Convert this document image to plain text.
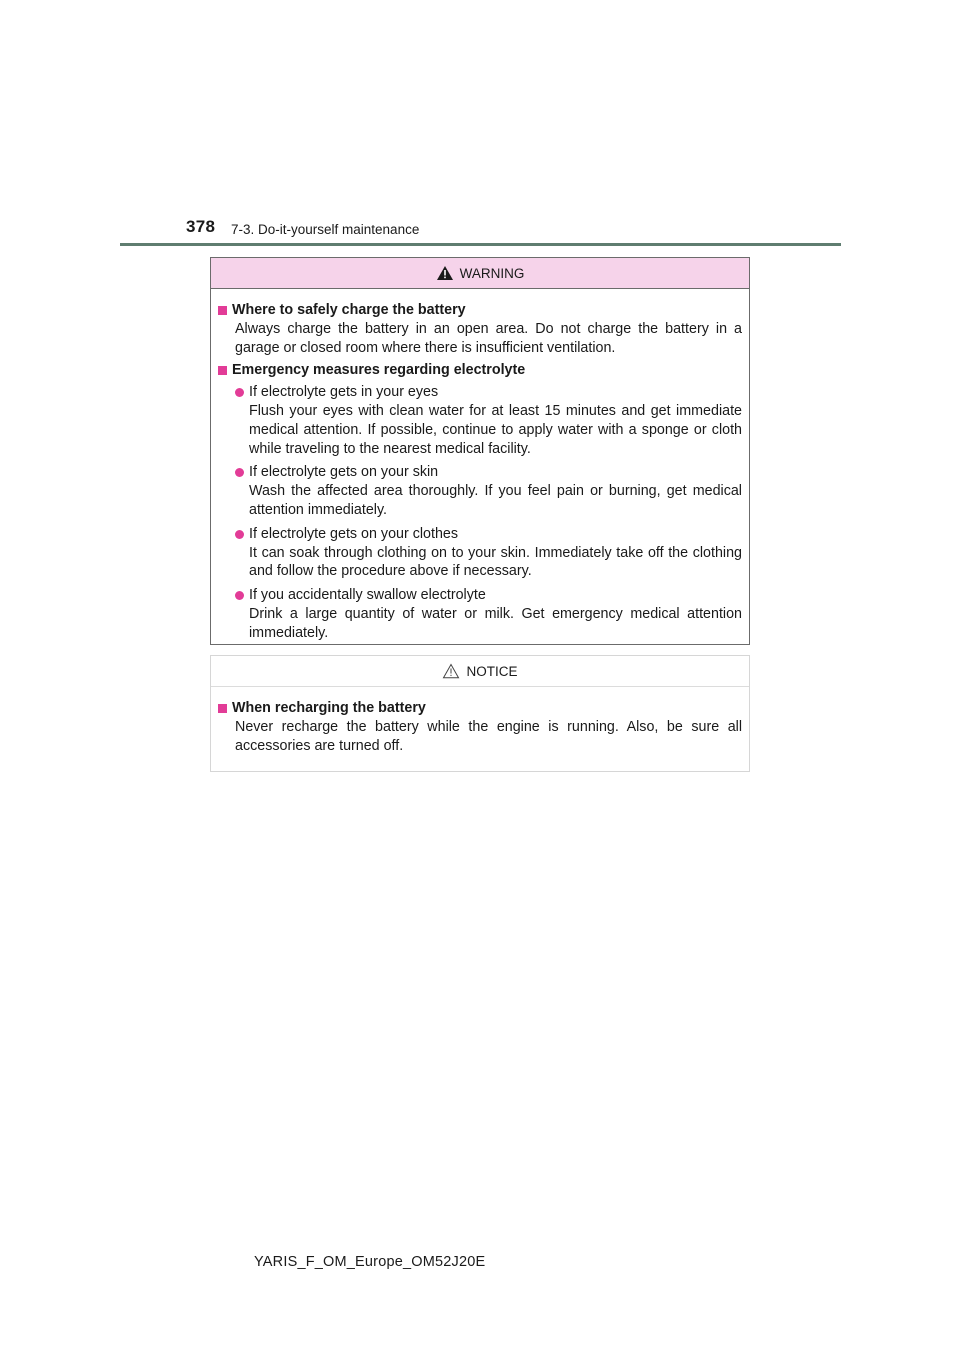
378 7-3. Do-it-yourself maintenance
WARNING
Where to safely charge the battery

Always charge the battery in an open area. Do not charge the battery in a garage or closed room where there is insufficient ventilation.

Emergency measures regarding electrolyte
If electrolyte gets in your eyes
Flush your eyes with clean water for at least 15 minutes and get immediate medical attention. If possible, continue to apply water with a sponge or cloth while traveling to the nearest medical facility.
If electrolyte gets on your skin
Wash the affected area thoroughly. If you feel pain or burning, get medical attention immediately.
If electrolyte gets on your clothes
It can soak through clothing on to your skin. Immediately take off the clothing and follow the procedure above if necessary.
If you accidentally swallow electrolyte
Drink a large quantity of water or milk. Get emergency medical attention immediately.
NOTICE
When recharging the battery

Never recharge the battery while the engine is running. Also, be sure all accessories are turned off.

YARIS_F_OM_Europe_OM52J20E
